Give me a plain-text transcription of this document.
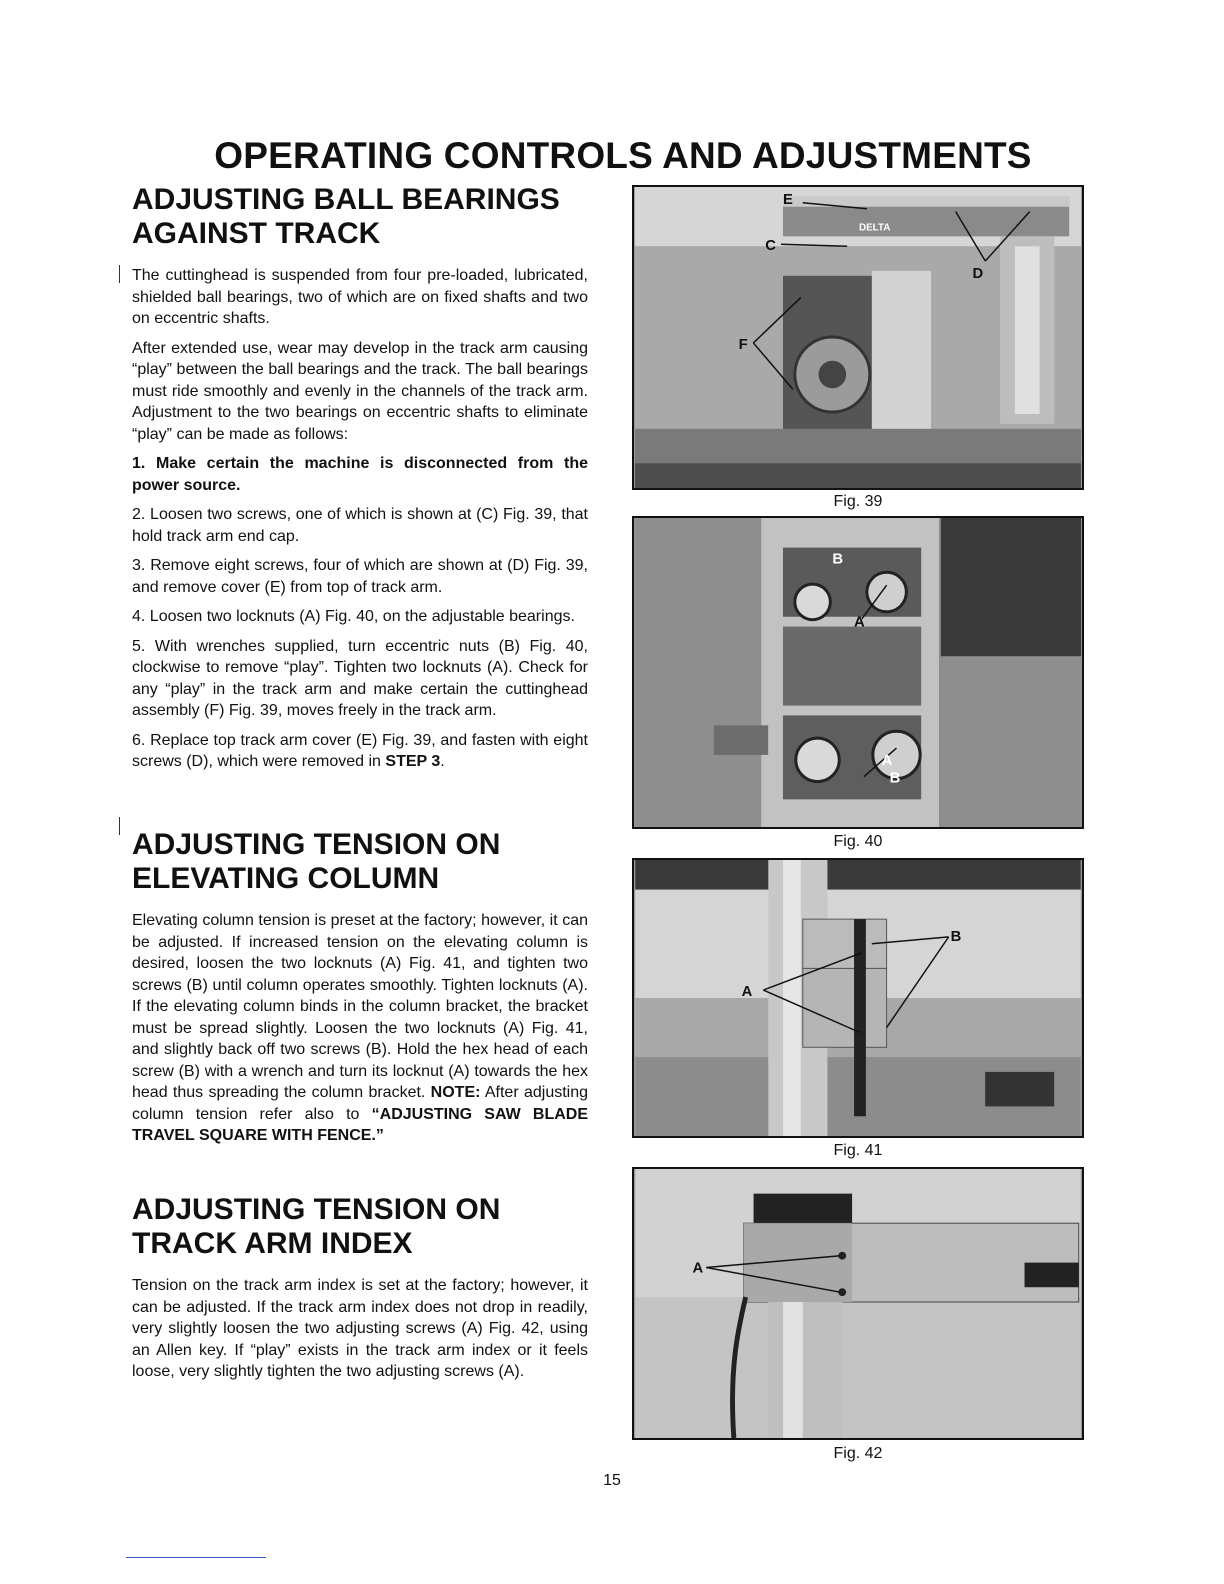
OPERATING CONTROLS AND ADJUSTMENTS
ADJUSTING BALL BEARINGS
AGAINST TRACK

The cuttinghead is suspended from four pre-loaded, lubricated, shielded ball bearings, two of which are on fixed shafts and two on eccentric shafts.

After extended use, wear may develop in the track arm causing “play” between the ball bearings and the track. The ball bearings must ride smoothly and evenly in the channels of the track arm. Adjustment to the two bearings on eccentric shafts to eliminate “play” can be made as follows:

1. Make certain the machine is disconnected from the power source.

2. Loosen two screws, one of which is shown at (C) Fig. 39, that hold track arm end cap.

3. Remove eight screws, four of which are shown at (D) Fig. 39, and remove cover (E) from top of track arm.

4. Loosen two locknuts (A) Fig. 40, on the adjustable bearings.

5. With wrenches supplied, turn eccentric nuts (B) Fig. 40, clockwise to remove “play”. Tighten two locknuts (A). Check for any “play” in the track arm and make certain the cuttinghead assembly (F) Fig. 39, moves freely in the track arm.

6. Replace top track arm cover (E) Fig. 39, and fasten with eight screws (D), which were removed in STEP 3.

ADJUSTING TENSION ON
ELEVATING COLUMN

Elevating column tension is preset at the factory; however, it can be adjusted. If increased tension on the elevating column is desired, loosen the two locknuts (A) Fig. 41, and tighten two screws (B) until column operates smoothly. Tighten locknuts (A). If the elevating column binds in the column bracket, the bracket must be spread slightly. Loosen the two locknuts (A) Fig. 41, and slightly back off two screws (B). Hold the hex head of each screw (B) with a wrench and turn its locknut (A) towards the hex head thus spreading the column bracket. NOTE: After adjusting column tension refer also to “ADJUSTING SAW BLADE TRAVEL SQUARE WITH FENCE.”

ADJUSTING TENSION ON
TRACK ARM INDEX

Tension on the track arm index is set at the factory; however, it can be adjusted. If the track arm index does not drop in readily, very slightly loosen the two adjusting screws (A) Fig. 42, using an Allen key. If “play” exists in the track arm index or it feels loose, very slightly tighten the two adjusting screws (A).

DELTA
E
C
D
F
Fig. 39
B
A
A
B
Fig. 40
A
B
Fig. 41
A
Fig. 42
15
